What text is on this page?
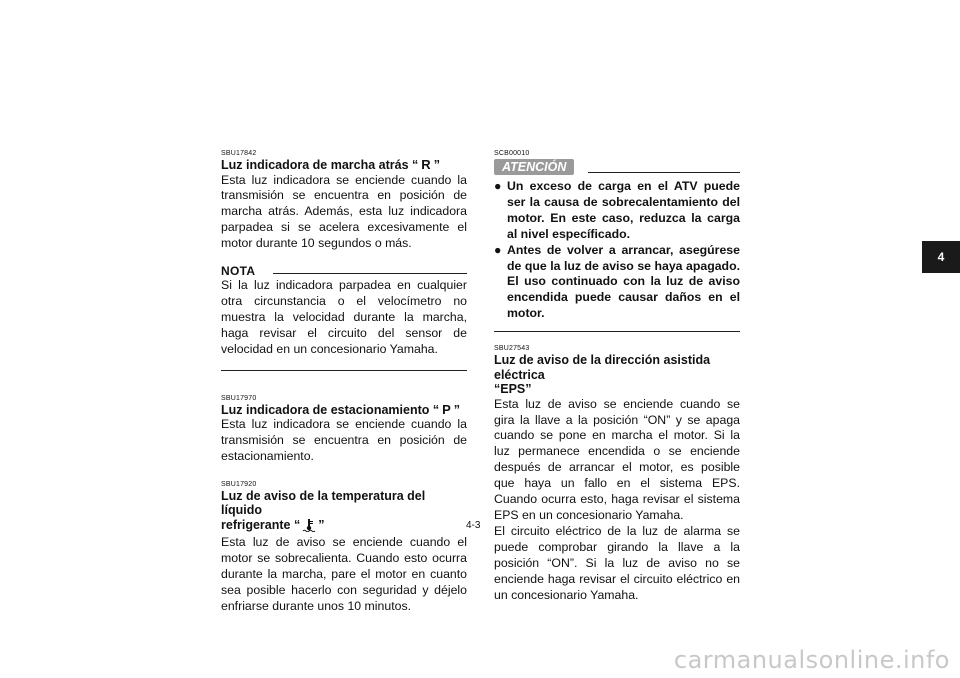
SBU17842

Luz indicadora de marcha atrás “ R ”

Esta luz indicadora se enciende cuando la transmisión se encuentra en posición de marcha atrás. Además, esta luz indicadora parpadea si se acelera excesivamente el motor durante 10 segundos o más.

NOTA

Si la luz indicadora parpadea en cualquier otra circunstancia o el velocímetro no muestra la velocidad durante la marcha, haga revisar el circuito del sensor de velocidad en un concesionario Yamaha.

SBU17970

Luz indicadora de estacionamiento “ P ”

Esta luz indicadora se enciende cuando la transmisión se encuentra en posición de estacionamiento.

SBU17920

Luz de aviso de la temperatura del líquido

refrigerante “ ”

Esta luz de aviso se enciende cuando el motor se sobrecalienta. Cuando esto ocurra durante la marcha, pare el motor en cuanto sea posible hacerlo con seguridad y déjelo enfriarse durante unos 10 minutos.

SCB00010

ATENCIÓN
● Un exceso de carga en el ATV puede ser la causa de sobrecalentamiento del motor. En este caso, reduzca la carga al nivel específicado.
● Antes de volver a arrancar, asegúrese de que la luz de aviso se haya apagado. El uso continuado con la luz de aviso encendida puede causar daños en el motor.

SBU27543

Luz de aviso de la dirección asistida eléctrica

“EPS”

Esta luz de aviso se enciende cuando se gira la llave a la posición “ON” y se apaga cuando se pone en marcha el motor. Si la luz permanece encendida o se enciende después de arrancar el motor, es posible que haya un fallo en el sistema EPS. Cuando ocurra esto, haga revisar el sistema EPS en un concesionario Yamaha.

El circuito eléctrico de la luz de alarma se puede comprobar girando la llave a la posición “ON”. Si la luz de aviso no se enciende haga revisar el circuito eléctrico en un concesionario Yamaha.

4
4-3
carmanualsonline.info
